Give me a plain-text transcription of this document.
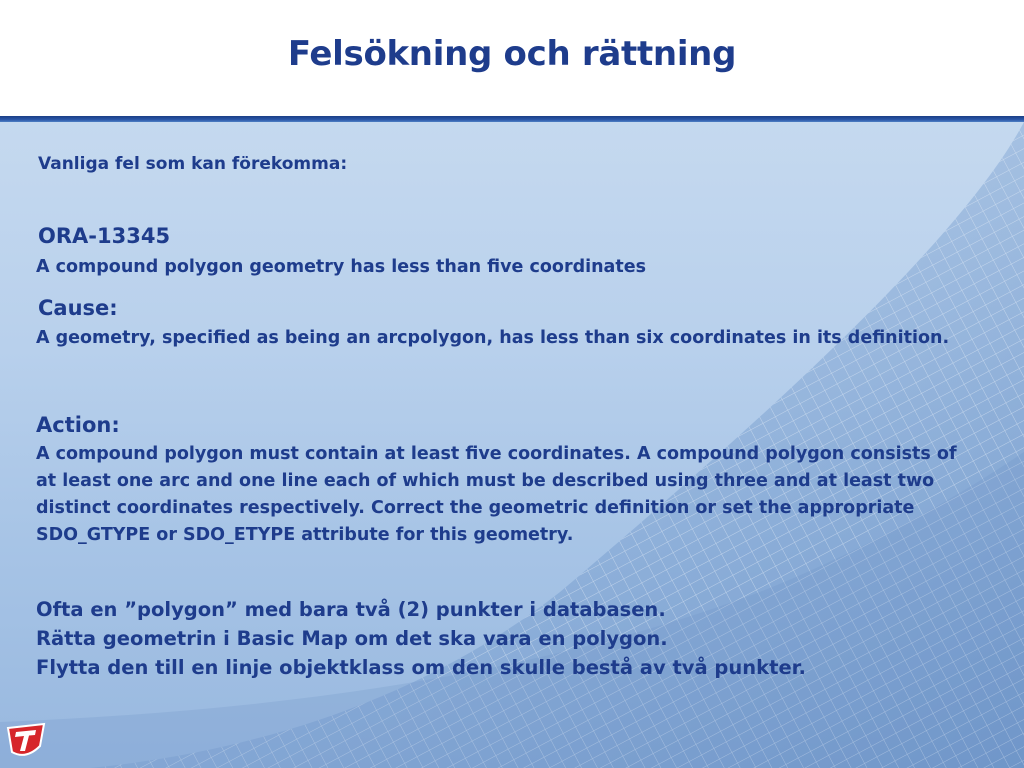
Felsökning och rättning

Vanliga fel som kan förekomma:

ORA-13345

A compound polygon geometry has less than five coordinates

Cause:

A geometry, specified as being an arcpolygon, has less than six coordinates in its definition.

Action:

A compound polygon must contain at least five coordinates. A compound polygon consists of at least one arc and one line each of which must be described using three and at least two distinct coordinates respectively. Correct the geometric definition or set the appropriate SDO_GTYPE or SDO_ETYPE attribute for this geometry.

Ofta en ”polygon” med bara två (2) punkter i databasen.

Rätta geometrin i Basic Map om det ska vara en polygon.

Flytta den till en linje objektklass om den skulle bestå av två punkter.
